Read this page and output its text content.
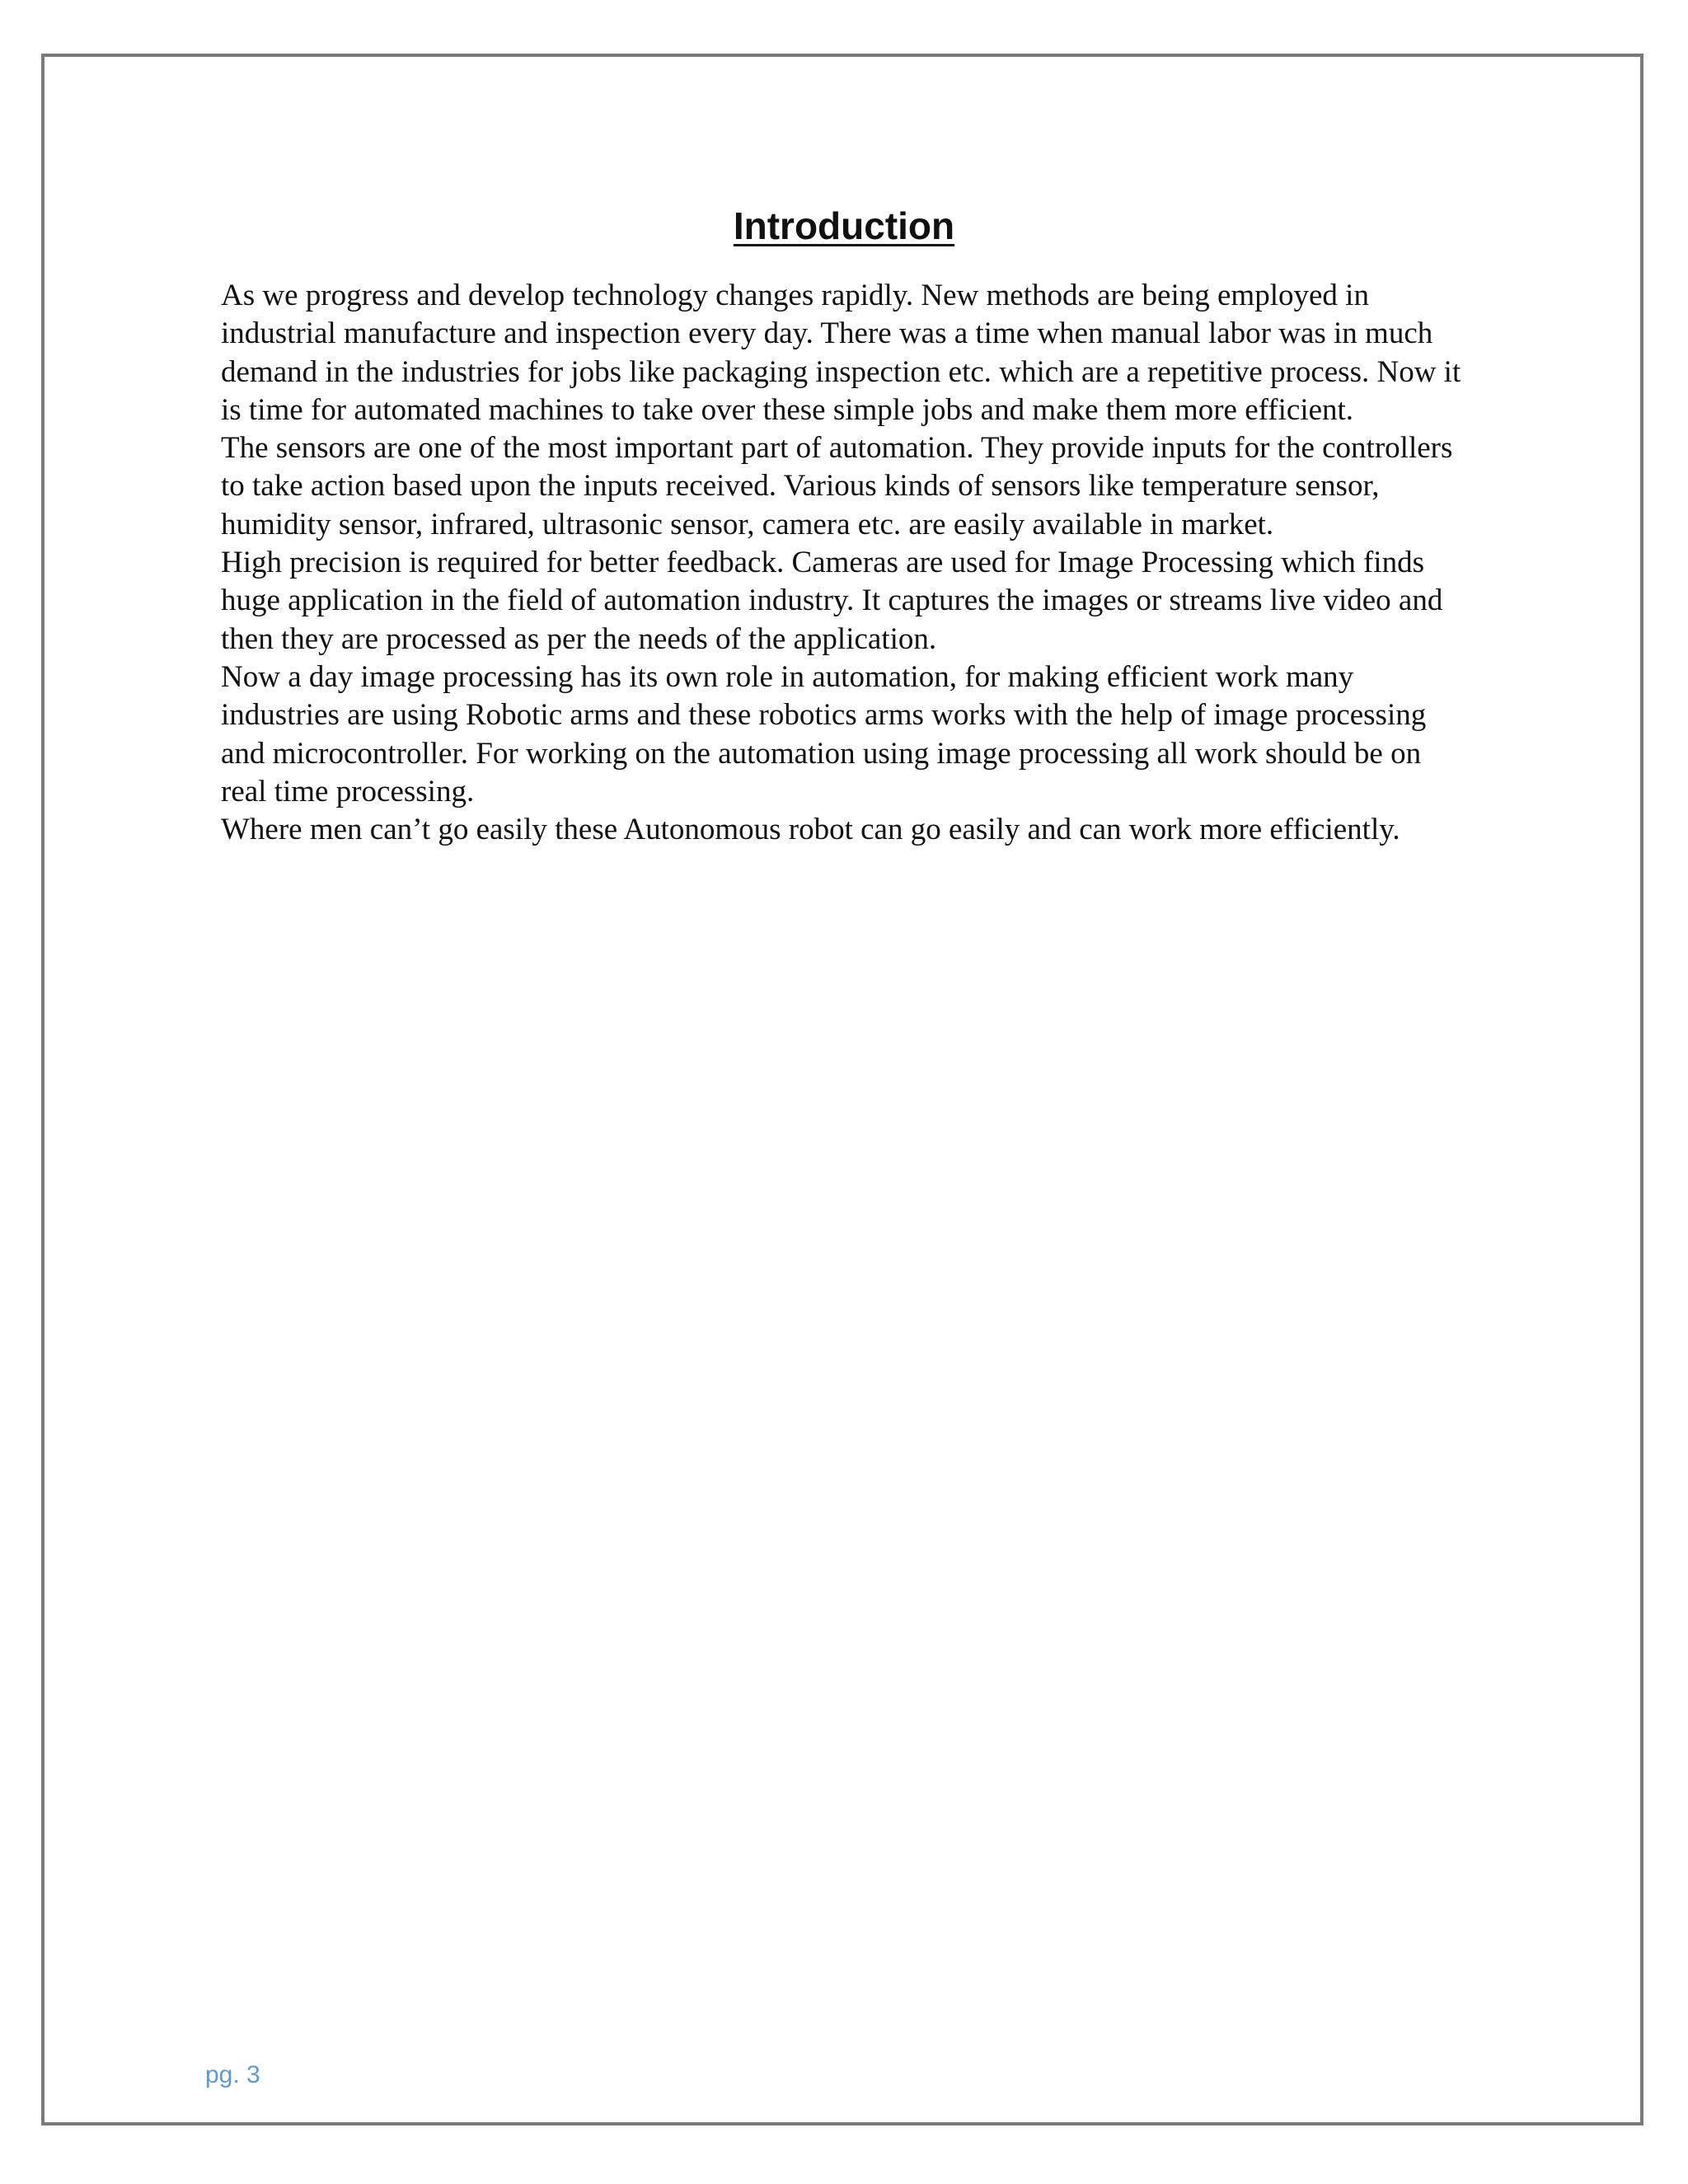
Introduction

As we progress and develop technology changes rapidly. New methods are being employed in industrial manufacture and inspection every day. There was a time when manual labor was in much demand in the industries for jobs like packaging inspection etc. which are a repetitive process. Now it is time for automated machines to take over these simple jobs and make them more efficient.

The sensors are one of the most important part of automation. They provide inputs for the controllers to take action based upon the inputs received. Various kinds of sensors like temperature sensor, humidity sensor, infrared, ultrasonic sensor, camera etc. are easily available in market.

High precision is required for better feedback. Cameras are used for Image Processing which finds huge application in the field of automation industry. It captures the images or streams live video and then they are processed as per the needs of the application.

Now a day image processing has its own role in automation, for making efficient work many industries are using Robotic arms and these robotics arms works with the help of image processing and microcontroller. For working on the automation using image processing all work should be on real time processing.

Where men can’t go easily these Autonomous robot can go easily and can work more efficiently.

pg. 3
